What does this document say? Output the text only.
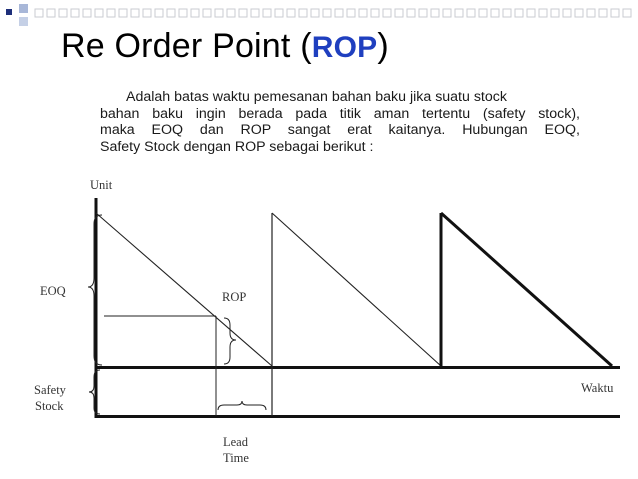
Re Order Point (ROP)
Adalah batas waktu pemesanan bahan baku jika suatu stock
bahan baku ingin berada pada titik aman tertentu (safety stock),
maka EOQ dan ROP sangat erat kaitanya. Hubungan EOQ,
Safety Stock dengan ROP sebagai berikut :
Unit
EOQ	ROP
Safety
Stock
Waktu
Lead
Time
